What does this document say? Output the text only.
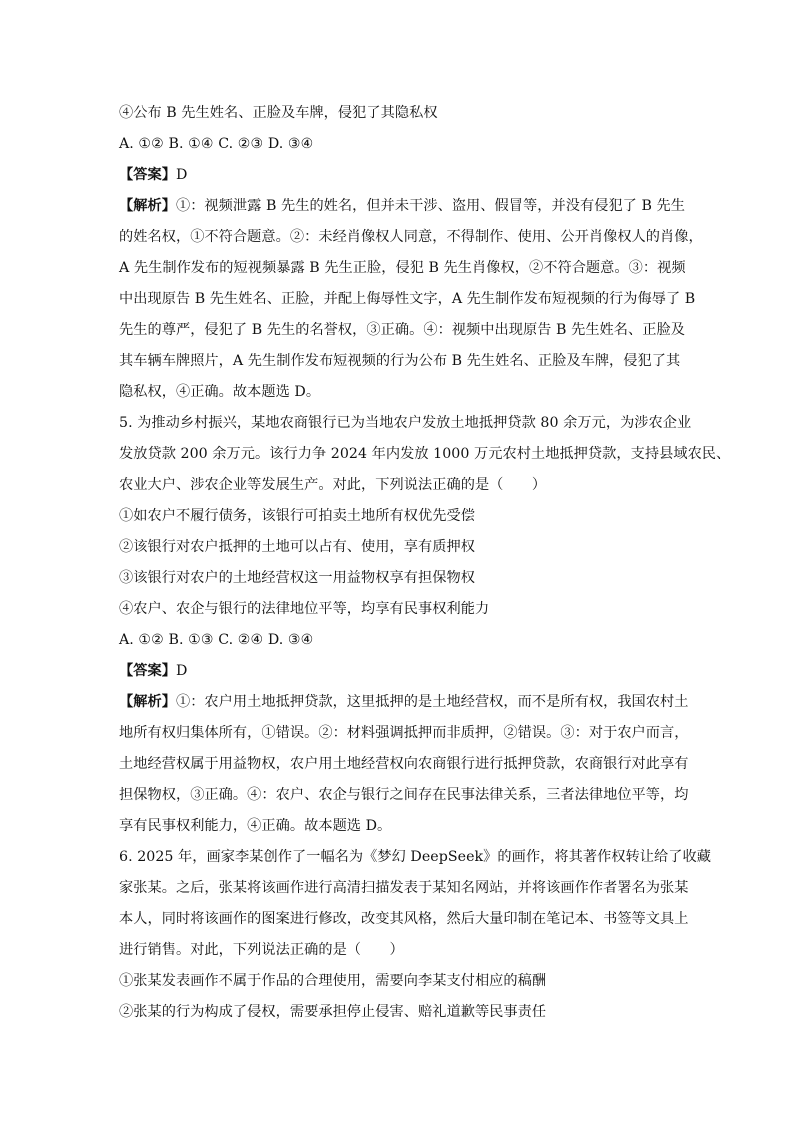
④公布 B 先生姓名、正脸及车牌，侵犯了其隐私权
A. ①② B. ①④ C. ②③ D. ③④
【答案】D
【解析】①：视频泄露 B 先生的姓名，但并未干涉、盗用、假冒等，并没有侵犯了 B 先生
的姓名权，①不符合题意。②：未经肖像权人同意，不得制作、使用、公开肖像权人的肖像，
A 先生制作发布的短视频暴露 B 先生正脸，侵犯 B 先生肖像权，②不符合题意。③：视频
中出现原告 B 先生姓名、正脸，并配上侮辱性文字，A 先生制作发布短视频的行为侮辱了 B
先生的尊严，侵犯了 B 先生的名誉权，③正确。④：视频中出现原告 B 先生姓名、正脸及
其车辆车牌照片，A 先生制作发布短视频的行为公布 B 先生姓名、正脸及车牌，侵犯了其
隐私权，④正确。故本题选 D。
5. 为推动乡村振兴，某地农商银行已为当地农户发放土地抵押贷款 80 余万元，为涉农企业
发放贷款 200 余万元。该行力争 2024 年内发放 1000 万元农村土地抵押贷款，支持县域农民、
农业大户、涉农企业等发展生产。对此，下列说法正确的是（　　）
①如农户不履行债务，该银行可拍卖土地所有权优先受偿
②该银行对农户抵押的土地可以占有、使用，享有质押权
③该银行对农户的土地经营权这一用益物权享有担保物权
④农户、农企与银行的法律地位平等，均享有民事权利能力
A. ①② B. ①③ C. ②④ D. ③④
【答案】D
【解析】①：农户用土地抵押贷款，这里抵押的是土地经营权，而不是所有权，我国农村土
地所有权归集体所有，①错误。②：材料强调抵押而非质押，②错误。③：对于农户而言，
土地经营权属于用益物权，农户用土地经营权向农商银行进行抵押贷款，农商银行对此享有
担保物权，③正确。④：农户、农企与银行之间存在民事法律关系，三者法律地位平等，均
享有民事权利能力，④正确。故本题选 D。
6. 2025 年，画家李某创作了一幅名为《梦幻 DeepSeek》的画作，将其著作权转让给了收藏
家张某。之后，张某将该画作进行高清扫描发表于某知名网站，并将该画作作者署名为张某
本人，同时将该画作的图案进行修改，改变其风格，然后大量印制在笔记本、书签等文具上
进行销售。对此，下列说法正确的是（　　）
①张某发表画作不属于作品的合理使用，需要向李某支付相应的稿酬
②张某的行为构成了侵权，需要承担停止侵害、赔礼道歉等民事责任
